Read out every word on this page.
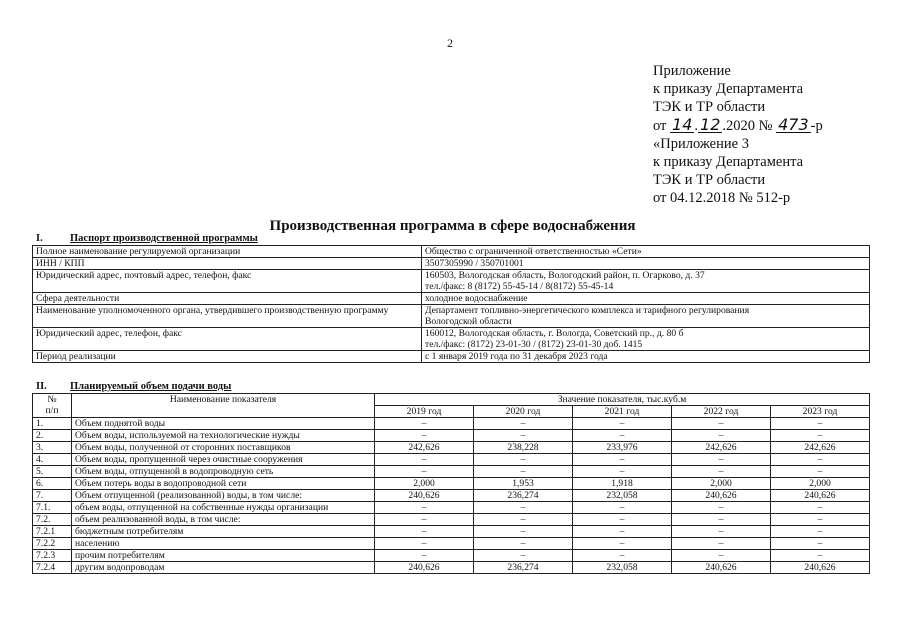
2
Приложение
к приказу Департамента
ТЭК и ТР области
от 14 . 12 .2020 № 473 -р
«Приложение 3
к приказу Департамента
ТЭК и ТР области
от 04.12.2018 № 512-р
Производственная программа в сфере водоснабжения
I.	Паспорт производственной программы
Полное наименование регулируемой организации	Общество с ограниченной ответственностью «Сети»

ИНН / КПП	3507305990 / 350701001

Юридический адрес, почтовый адрес, телефон, факс	160503, Вологодская область, Вологодский район, п. Огарково, д. 37
тел./факс: 8 (8172) 55-45-14 / 8(8172) 55-45-14

Сфера деятельности	холодное водоснабжение

Наименование уполномоченного органа, утвердившего производственную программу	Департамент топливно-энергетического комплекса и тарифного регулирования
Вологодской области

Юридический адрес, телефон, факс	160012, Вологодская область, г. Вологда, Советский пр., д. 80 б
тел./факс: (8172) 23-01-30 / (8172) 23-01-30 доб. 1415

Период реализации	с 1 января 2019 года по 31 декабря 2023 года
II. Планируемый объем подачи воды
№
п/п	Наименование показателя	Значение показателя, тыс.куб.м				
		2019 год	2020 год	2021 год	2022 год	2023 год
1.	Объем поднятой воды	–	–	–	–	–
2.	Объем воды, используемой на технологические нужды	–	–	–	–	–
3.	Объем воды, полученной от сторонних поставщиков	242,626	238,228	233,976	242,626	242,626
4.	Объем воды, пропущенной через очистные сооружения	–	–	–	–	–
5.	Объем воды, отпущенной в водопроводную сеть	–	–	–	–	–
6.	Объем потерь воды в водопроводной сети	2,000	1,953	1,918	2,000	2,000
7.	Объем отпущенной (реализованной) воды, в том числе:	240,626	236,274	232,058	240,626	240,626
7.1.	объем воды, отпущенной на собственные нужды организации	–	–	–	–	–
7.2.	объем реализованной воды, в том числе:	–	–	–	–	–
7.2.1	бюджетным потребителям	–	–	–	–	–
7.2.2	населению	–	–	–	–	–
7.2.3	прочим потребителям	–	–	–	–	–
7.2.4	другим водопроводам	240,626	236,274	232,058	240,626	240,626
